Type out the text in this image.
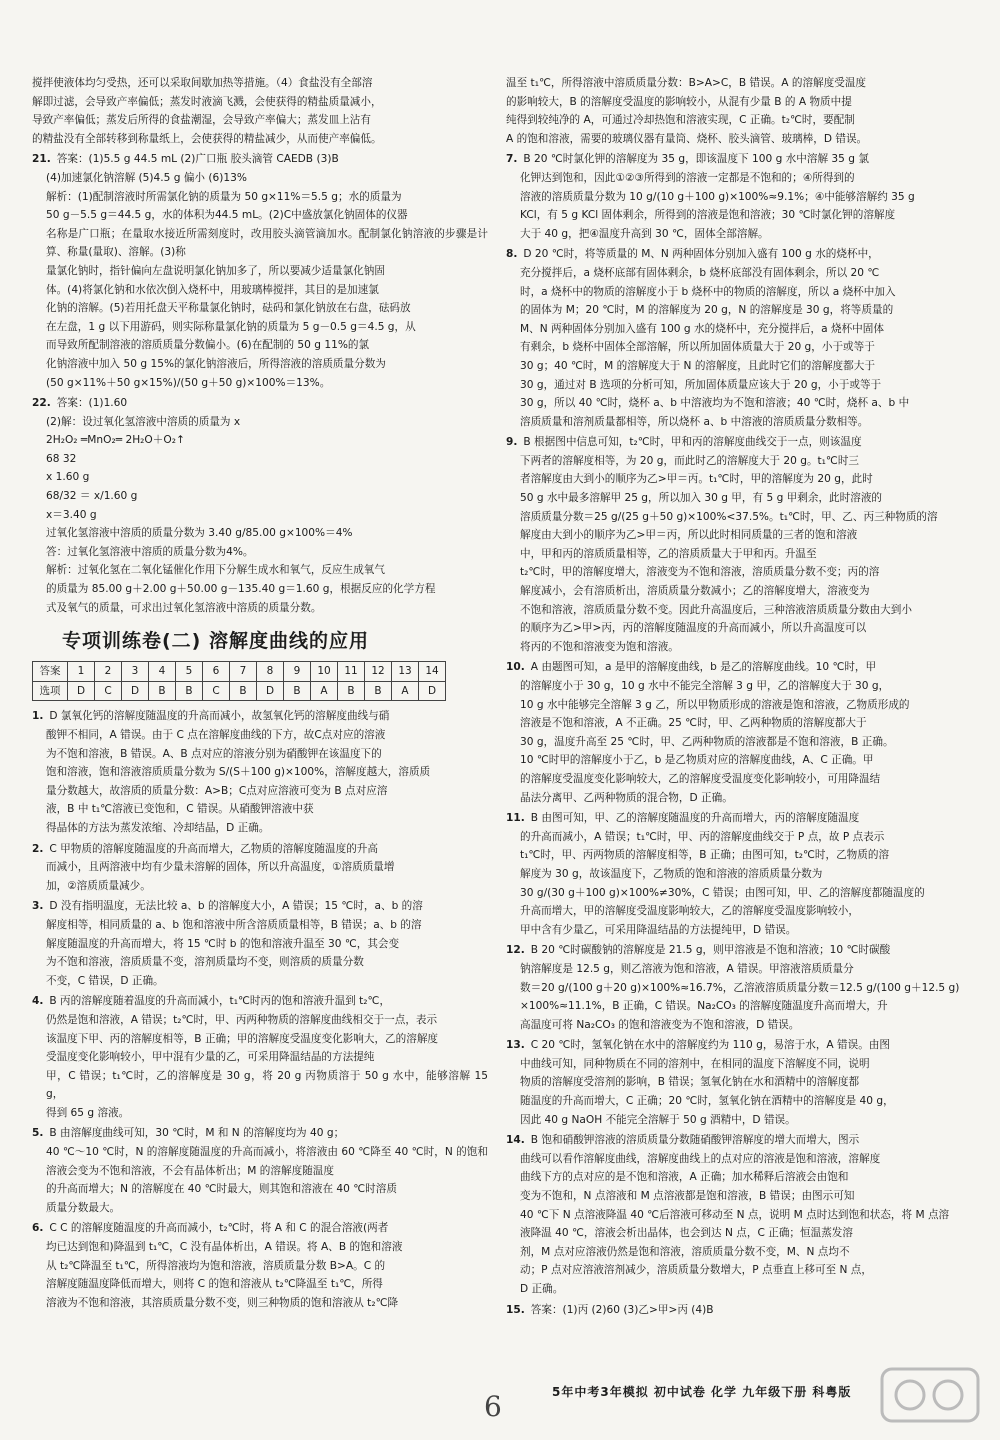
搅拌使液体均匀受热，还可以采取间歇加热等措施。（4）食盐没有全部溶

解即过滤，会导致产率偏低；蒸发时液滴飞溅，会使获得的精盐质量减小，

导致产率偏低；蒸发后所得的食盐潮湿，会导致产率偏大；蒸发皿上沾有

的精盐没有全部转移到称量纸上，会使获得的精盐减少，从而使产率偏低。

21. 答案：(1)5.5 g 44.5 mL (2)广口瓶 胶头滴管 CAEDB (3)B

(4)加速氯化钠溶解 (5)4.5 g 偏小 (6)13%

解析：(1)配制溶液时所需氯化钠的质量为 50 g×11%＝5.5 g；水的质量为

50 g－5.5 g＝44.5 g，水的体积为44.5 mL。(2)C中盛放氯化钠固体的仪器

名称是广口瓶；在量取水接近所需刻度时，改用胶头滴管滴加水。配制氯化钠溶液的步骤是计算、称量(量取)、溶解。(3)称

量氯化钠时，指针偏向左盘说明氯化钠加多了，所以要减少适量氯化钠固

体。(4)将氯化钠和水依次倒入烧杯中，用玻璃棒搅拌，其目的是加速氯

化钠的溶解。(5)若用托盘天平称量氯化钠时，砝码和氯化钠放在右盘，砝码放

在左盘，1 g 以下用游码，则实际称量氯化钠的质量为 5 g－0.5 g＝4.5 g，从

而导致所配制溶液的溶质质量分数偏小。(6)在配制的 50 g 11%的氯

化钠溶液中加入 50 g 15%的氯化钠溶液后，所得溶液的溶质质量分数为

(50 g×11%＋50 g×15%)/(50 g＋50 g)×100%＝13%。

22. 答案：(1)1.60

(2)解：设过氧化氢溶液中溶质的质量为 x

2H₂O₂ ═MnO₂═ 2H₂O＋O₂↑

68 32

x 1.60 g

68/32 ＝ x/1.60 g

x＝3.40 g

过氧化氢溶液中溶质的质量分数为 3.40 g/85.00 g×100%＝4%

答：过氧化氢溶液中溶质的质量分数为4%。

解析：过氧化氢在二氧化锰催化作用下分解生成水和氧气，反应生成氧气

的质量为 85.00 g＋2.00 g＋50.00 g－135.40 g＝1.60 g，根据反应的化学方程

式及氧气的质量，可求出过氧化氢溶液中溶质的质量分数。

专项训练卷(二) 溶解度曲线的应用
答案	1	2	3	4	5	6	7	8	9	10	11	12	13	14
选项	D	C	D	B	B	C	B	D	B	A	B	B	A	D

1. D 氯氧化钙的溶解度随温度的升高而减小，故氢氧化钙的溶解度曲线与硝

酸钾不相同，A 错误。由于 C 点在溶解度曲线的下方，故C点对应的溶液

为不饱和溶液，B 错误。A、B 点对应的溶液分别为硝酸钾在该温度下的

饱和溶液，饱和溶液溶质质量分数为 S/(S＋100 g)×100%，溶解度越大，溶质质

量分数越大，故溶质的质量分数：A>B；C点对应溶液可变为 B 点对应溶

液，B 中 t₁℃溶液已变饱和，C 错误。从硝酸钾溶液中获

得晶体的方法为蒸发浓缩、冷却结晶，D 正确。

2. C 甲物质的溶解度随温度的升高而增大，乙物质的溶解度随温度的升高

而减小，且两溶液中均有少量未溶解的固体，所以升高温度，①溶质质量增

加，②溶质质量减少。

3. D 没有指明温度，无法比较 a、b 的溶解度大小，A 错误；15 ℃时，a、b 的溶

解度相等，相同质量的 a、b 饱和溶液中所含溶质质量相等，B 错误；a、b 的溶

解度随温度的升高而增大，将 15 ℃时 b 的饱和溶液升温至 30 ℃，其会变

为不饱和溶液，溶质质量不变，溶剂质量均不变，则溶质的质量分数

不变，C 错误，D 正确。

4. B 丙的溶解度随着温度的升高而减小，t₁℃时丙的饱和溶液升温到 t₂℃，

仍然是饱和溶液，A 错误；t₂℃时，甲、丙两种物质的溶解度曲线相交于一点，表示

该温度下甲、丙的溶解度相等，B 正确；甲的溶解度受温度变化影响大，乙的溶解度

受温度变化影响较小，甲中混有少量的乙，可采用降温结晶的方法提纯

甲，C 错误；t₁℃时，乙的溶解度是 30 g，将 20 g 丙物质溶于 50 g 水中，能够溶解 15 g，

得到 65 g 溶液。

5. B 由溶解度曲线可知，30 ℃时，M 和 N 的溶解度均为 40 g；

40 ℃～10 ℃时，N 的溶解度随温度的升高而减小，将溶液由 60 ℃降至 40 ℃时，N 的饱和溶液会变为不饱和溶液，不会有晶体析出；M 的溶解度随温度

的升高而增大；N 的溶解度在 40 ℃时最大，则其饱和溶液在 40 ℃时溶质

质量分数最大。

6. C C 的溶解度随温度的升高而减小，t₂℃时，将 A 和 C 的混合溶液(两者

均已达到饱和)降温到 t₁℃，C 没有晶体析出，A 错误。将 A、B 的饱和溶液

从 t₂℃降温至 t₁℃，所得溶液均为饱和溶液，溶质质量分数 B>A。C 的

溶解度随温度降低而增大，则将 C 的饱和溶液从 t₂℃降温至 t₁℃，所得

溶液为不饱和溶液，其溶质质量分数不变，则三种物质的饱和溶液从 t₂℃降

温至 t₁℃，所得溶液中溶质质量分数：B>A>C，B 错误。A 的溶解度受温度

的影响较大，B 的溶解度受温度的影响较小，从混有少量 B 的 A 物质中提

纯得到较纯净的 A，可通过冷却热饱和溶液实现，C 正确。t₂℃时，要配制

A 的饱和溶液，需要的玻璃仪器有量筒、烧杯、胶头滴管、玻璃棒，D 错误。

7. B 20 ℃时氯化钾的溶解度为 35 g，即该温度下 100 g 水中溶解 35 g 氯

化钾达到饱和，因此①②③所得到的溶液一定都是不饱和的；④所得到的

溶液的溶质质量分数为 10 g/(10 g＋100 g)×100%≈9.1%；④中能够溶解约 35 g

KCl，有 5 g KCl 固体剩余，所得到的溶液是饱和溶液；30 ℃时氯化钾的溶解度

大于 40 g，把④温度升高到 30 ℃，固体全部溶解。

8. D 20 ℃时，将等质量的 M、N 两种固体分别加入盛有 100 g 水的烧杯中，

充分搅拌后，a 烧杯底部有固体剩余，b 烧杯底部没有固体剩余，所以 20 ℃

时，a 烧杯中的物质的溶解度小于 b 烧杯中的物质的溶解度，所以 a 烧杯中加入

的固体为 M；20 ℃时，M 的溶解度为 20 g，N 的溶解度是 30 g，将等质量的

M、N 两种固体分别加入盛有 100 g 水的烧杯中，充分搅拌后，a 烧杯中固体

有剩余，b 烧杯中固体全部溶解，所以所加固体质量大于 20 g，小于或等于

30 g；40 ℃时，M 的溶解度大于 N 的溶解度，且此时它们的溶解度都大于

30 g，通过对 B 选项的分析可知，所加固体质量应该大于 20 g，小于或等于

30 g，所以 40 ℃时，烧杯 a、b 中溶液均为不饱和溶液；40 ℃时，烧杯 a、b 中

溶质质量和溶剂质量都相等，所以烧杯 a、b 中溶液的溶质质量分数相等。

9. B 根据图中信息可知，t₂℃时，甲和丙的溶解度曲线交于一点，则该温度

下两者的溶解度相等，为 20 g，而此时乙的溶解度大于 20 g。t₁℃时三

者溶解度由大到小的顺序为乙>甲＝丙。t₁℃时，甲的溶解度为 20 g，此时

50 g 水中最多溶解甲 25 g，所以加入 30 g 甲，有 5 g 甲剩余，此时溶液的

溶质质量分数＝25 g/(25 g＋50 g)×100%<37.5%。t₁℃时，甲、乙、丙三种物质的溶

解度由大到小的顺序为乙>甲＝丙，所以此时相同质量的三者的饱和溶液

中，甲和丙的溶质质量相等，乙的溶质质量大于甲和丙。升温至

t₂℃时，甲的溶解度增大，溶液变为不饱和溶液，溶质质量分数不变；丙的溶

解度减小，会有溶质析出，溶质质量分数减小；乙的溶解度增大，溶液变为

不饱和溶液，溶质质量分数不变。因此升高温度后，三种溶液溶质质量分数由大到小

的顺序为乙>甲>丙，丙的溶解度随温度的升高而减小，所以升高温度可以

将丙的不饱和溶液变为饱和溶液。

10. A 由题图可知，a 是甲的溶解度曲线，b 是乙的溶解度曲线。10 ℃时，甲

的溶解度小于 30 g，10 g 水中不能完全溶解 3 g 甲，乙的溶解度大于 30 g，

10 g 水中能够完全溶解 3 g 乙，所以甲物质形成的溶液是饱和溶液，乙物质形成的

溶液是不饱和溶液，A 不正确。25 ℃时，甲、乙两种物质的溶解度都大于

30 g，温度升高至 25 ℃时，甲、乙两种物质的溶液都是不饱和溶液，B 正确。

10 ℃时甲的溶解度小于乙，b 是乙物质对应的溶解度曲线，A、C 正确。甲

的溶解度受温度变化影响较大，乙的溶解度受温度变化影响较小，可用降温结

晶法分离甲、乙两种物质的混合物，D 正确。

11. B 由图可知，甲、乙的溶解度随温度的升高而增大，丙的溶解度随温度

的升高而减小，A 错误；t₁℃时，甲、丙的溶解度曲线交于 P 点，故 P 点表示

t₁℃时，甲、丙两物质的溶解度相等，B 正确；由图可知，t₂℃时，乙物质的溶

解度为 30 g，故该温度下，乙物质的饱和溶液的溶质质量分数为

30 g/(30 g＋100 g)×100%≠30%，C 错误；由图可知，甲、乙的溶解度都随温度的

升高而增大，甲的溶解度受温度影响较大，乙的溶解度受温度影响较小，

甲中含有少量乙，可采用降温结晶的方法提纯甲，D 错误。

12. B 20 ℃时碳酸钠的溶解度是 21.5 g，则甲溶液是不饱和溶液；10 ℃时碳酸

钠溶解度是 12.5 g，则乙溶液为饱和溶液，A 错误。甲溶液溶质质量分

数＝20 g/(100 g＋20 g)×100%≈16.7%，乙溶液溶质质量分数＝12.5 g/(100 g＋12.5 g)

×100%≈11.1%，B 正确，C 错误。Na₂CO₃ 的溶解度随温度升高而增大，升

高温度可将 Na₂CO₃ 的饱和溶液变为不饱和溶液，D 错误。

13. C 20 ℃时，氢氧化钠在水中的溶解度约为 110 g，易溶于水，A 错误。由图

中曲线可知，同种物质在不同的溶剂中，在相同的温度下溶解度不同，说明

物质的溶解度受溶剂的影响，B 错误；氢氧化钠在水和酒精中的溶解度都

随温度的升高而增大，C 正确；20 ℃时，氢氧化钠在酒精中的溶解度是 40 g，

因此 40 g NaOH 不能完全溶解于 50 g 酒精中，D 错误。

14. B 饱和硝酸钾溶液的溶质质量分数随硝酸钾溶解度的增大而增大，图示

曲线可以看作溶解度曲线，溶解度曲线上的点对应的溶液是饱和溶液，溶解度

曲线下方的点对应的是不饱和溶液，A 正确；加水稀释后溶液会由饱和

变为不饱和，N 点溶液和 M 点溶液都是饱和溶液，B 错误；由图示可知

40 ℃下 N 点溶液降温 40 ℃后溶液可移动至 N 点，说明 M 点时达到饱和状态，将 M 点溶

液降温 40 ℃，溶液会析出晶体，也会到达 N 点，C 正确；恒温蒸发溶

剂，M 点对应溶液仍然是饱和溶液，溶质质量分数不变，M、N 点均不

动；P 点对应溶液溶剂减少，溶质质量分数增大，P 点垂直上移可至 N 点，

D 正确。

15. 答案：(1)丙 (2)60 (3)乙>甲>丙 (4)B

6	5年中考3年模拟 初中试卷 化学 九年级下册 科粤版
